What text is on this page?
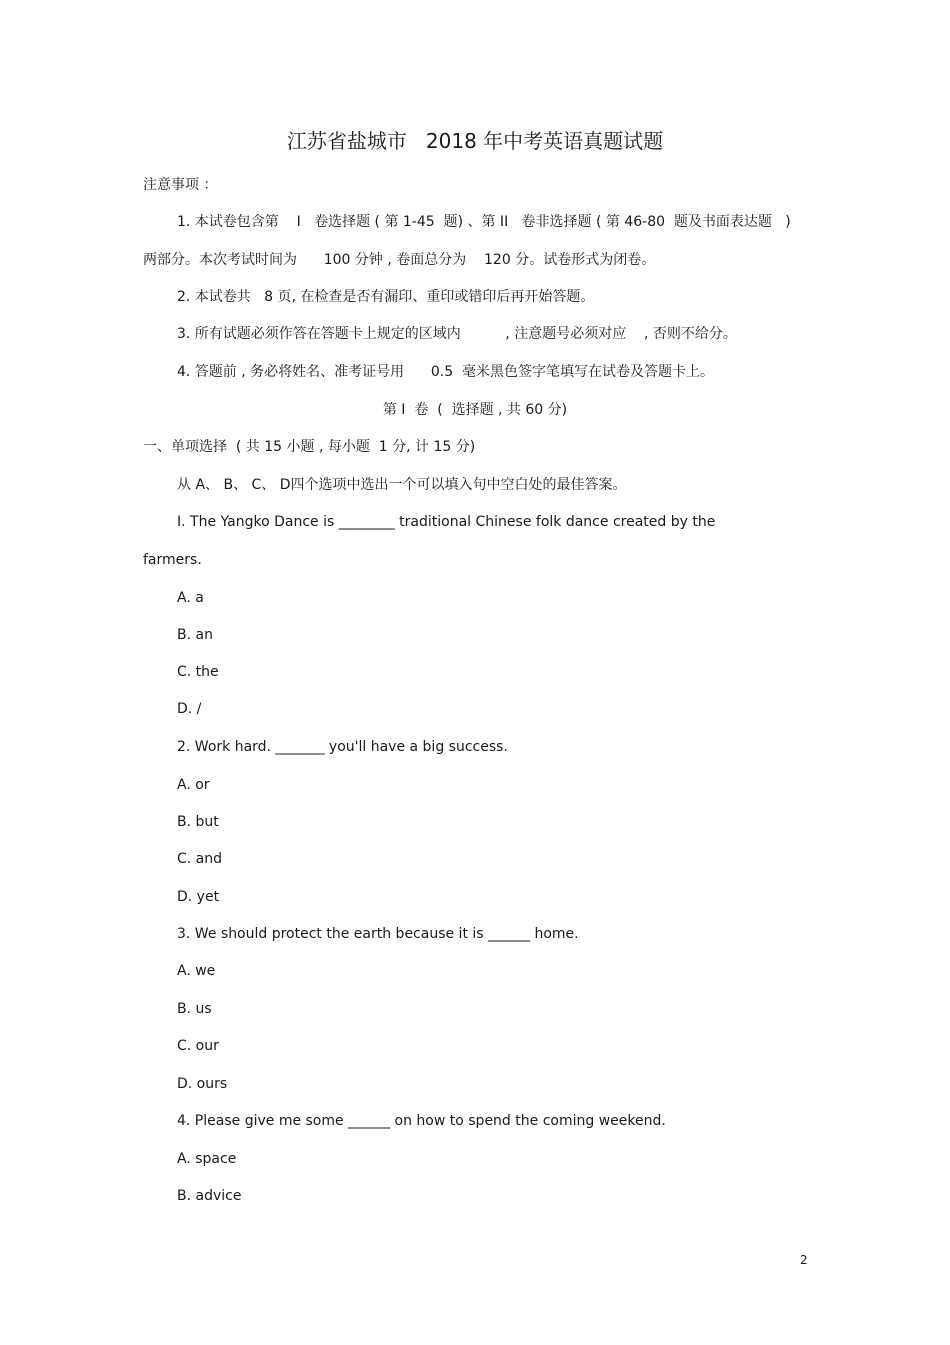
江苏省盐城市   2018 年中考英语真题试题
注意事项 ：
1. 本试卷包含第    I   卷选择题 ( 第 1-45  题) 、第 II   卷非选择题 ( 第 46-80  题及书面表达题   )
两部分。本次考试时间为      100 分钟 , 卷面总分为    120 分。试卷形式为闭卷。
2. 本试卷共   8 页, 在检查是否有漏印、重印或错印后再开始答题。
3. 所有试题必须作答在答题卡上规定的区域内          , 注意题号必须对应    , 否则不给分。
4. 答题前 , 务必将姓名、准考证号用      0.5  毫米黑色签字笔填写在试卷及答题卡上。
第 I  卷  (  选择题 , 共 60 分)
一、单项选择  ( 共 15 小题 , 每小题  1 分, 计 15 分)
从 A、 B、 C、 D四个选项中选出一个可以填入句中空白处的最佳答案。
I. The Yangko Dance is ________ traditional Chinese folk dance created by the
farmers.
A. a
B. an
C. the
D. /
2. Work hard. _______ you'll have a big success.
A. or
B. but
C. and
D. yet
3. We should protect the earth because it is ______ home.
A. we
B. us
C. our
D. ours
4. Please give me some ______ on how to spend the coming weekend.
A. space
B. advice
2
